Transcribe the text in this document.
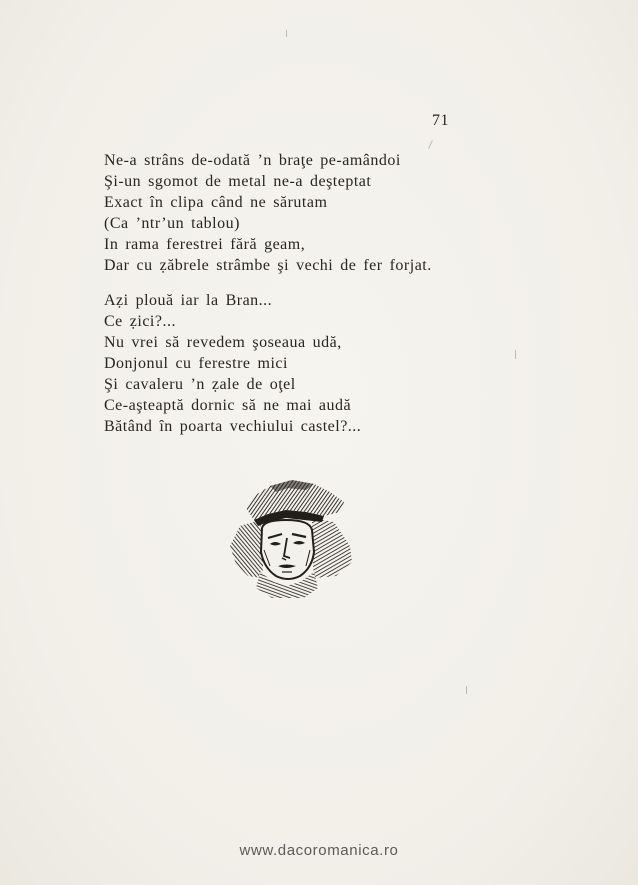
71
Ne-a strâns de-odată ’n braţe pe-amândoi
Şi-un sgomot de metal ne-a deşteptat
Exact în clipa când ne sărutam
(Ca ’ntr’un tablou)
In rama ferestrei fără geam,
Dar cu ẓăbrele strâmbe şi vechi de fer forjat.
Aẓi plouă iar la Bran...
Ce ẓici?...
Nu vrei să revedem şoseaua udă,
Donjonul cu ferestre mici
Şi cavaleru ’n ẓale de oţel
Ce-aşteaptă dornic să ne mai audă
Bătând în poarta vechiului castel?...
www.dacoromanica.ro
